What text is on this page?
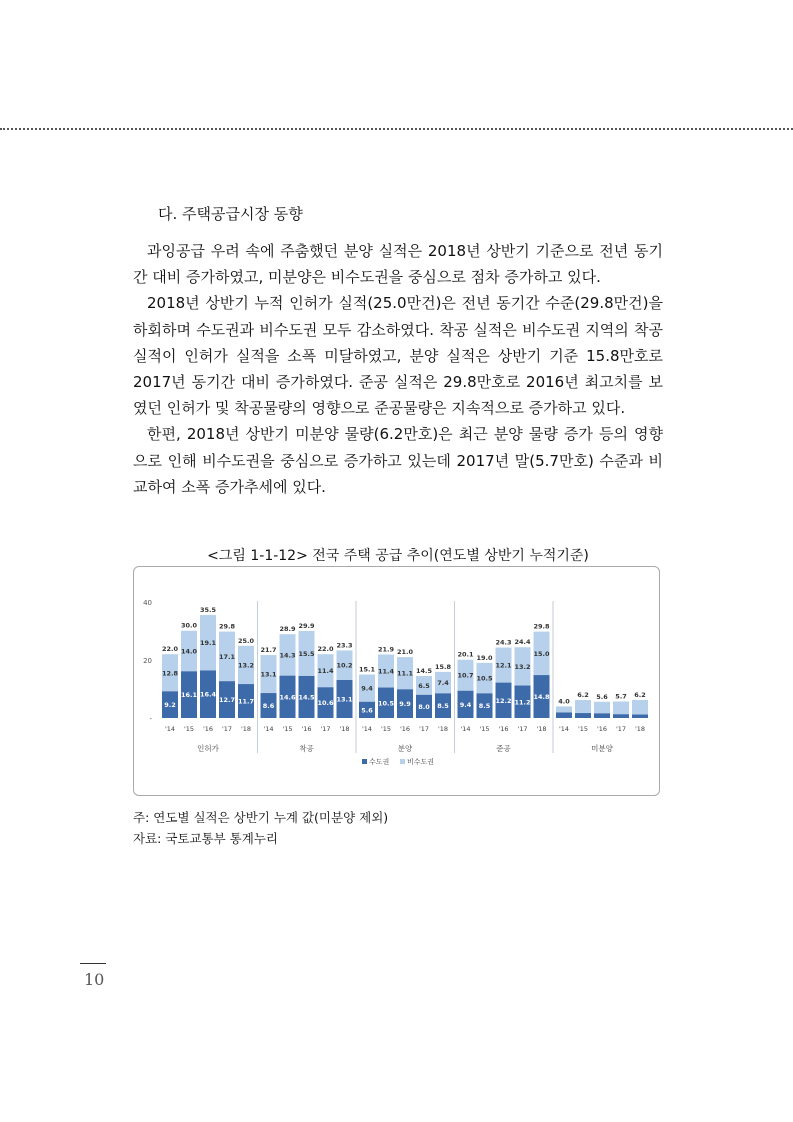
다. 주택공급시장 동향

과잉공급 우려 속에 주춤했던 분양 실적은 2018년 상반기 기준으로 전년 동기간 대비 증가하였고, 미분양은 비수도권을 중심으로 점차 증가하고 있다.

2018년 상반기 누적 인허가 실적(25.0만건)은 전년 동기간 수준(29.8만건)을 하회하며 수도권과 비수도권 모두 감소하였다. 착공 실적은 비수도권 지역의 착공 실적이 인허가 실적을 소폭 미달하였고, 분양 실적은 상반기 기준 15.8만호로 2017년 동기간 대비 증가하였다. 준공 실적은 29.8만호로 2016년 최고치를 보였던 인허가 및 착공물량의 영향으로 준공물량은 지속적으로 증가하고 있다.

한편, 2018년 상반기 미분양 물량(6.2만호)은 최근 분양 물량 증가 등의 영향으로 인해 비수도권을 중심으로 증가하고 있는데 2017년 말(5.7만호) 수준과 비교하여 소폭 증가추세에 있다.

<그림 1-1-12> 전국 주택 공급 추이(연도별 상반기 누적기준)
40
20
-
22.0
9.2
12.8
'14
30.0
16.1
14.0
'15
35.5
16.4
19.1
'16
29.8
12.7
17.1
'17
25.0
11.7
13.2
'18
인허가
21.7
8.6
13.1
'14
28.9
14.6
14.3
'15
29.9
14.5
15.5
'16
22.0
10.6
11.4
'17
23.3
13.1
10.2
'18
착공
15.1
5.6
9.4
'14
21.9
10.5
11.4
'15
21.0
9.9
11.1
'16
14.5
8.0
6.5
'17
15.8
8.5
7.4
'18
분양
20.1
9.4
10.7
'14
19.0
8.5
10.5
'15
24.3
12.2
12.1
'16
24.4
11.2
13.2
'17
29.8
14.8
15.0
'18
준공
4.0
'14
6.2
'15
5.6
'16
5.7
'17
6.2
'18
미분양
수도권	비수도권
주: 연도별 실적은 상반기 누계 값(미분양 제외)
자료: 국토교통부 통계누리
10
